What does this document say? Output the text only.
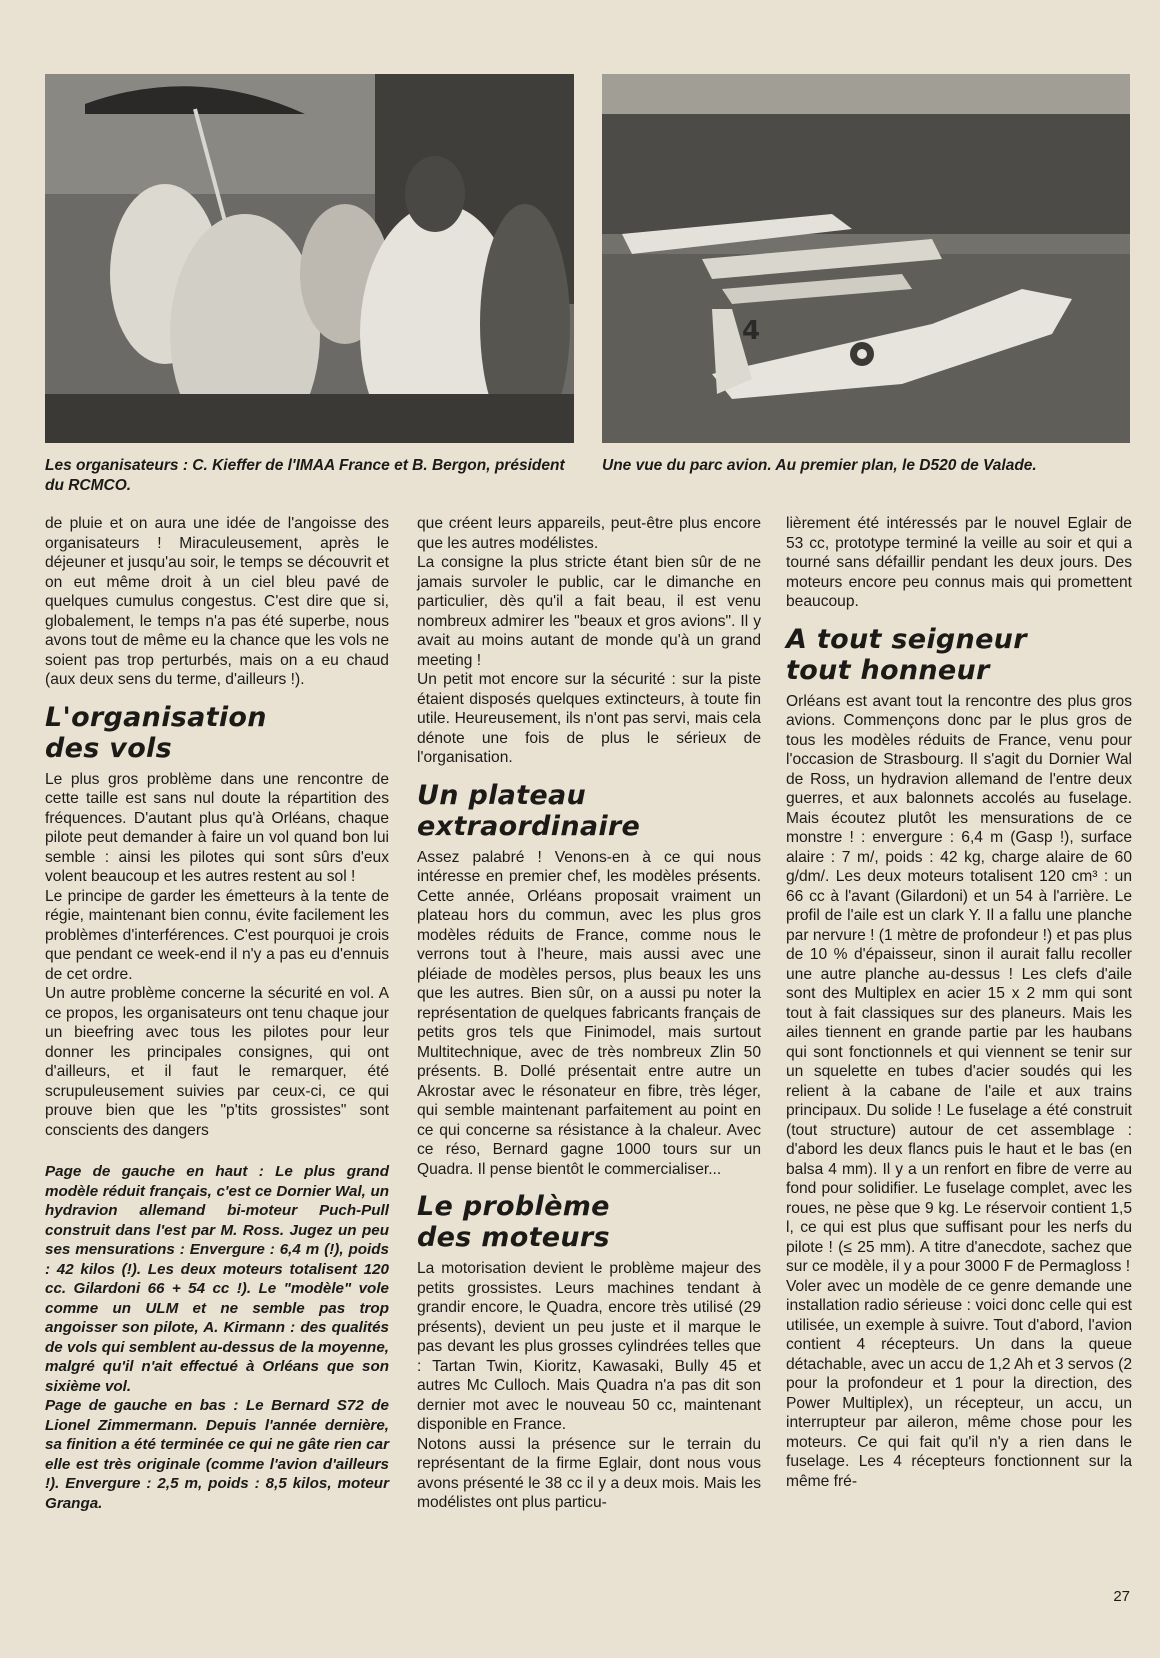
4
Les organisateurs : C. Kieffer de l'IMAA France et B. Bergon, président du RCMCO.
Une vue du parc avion. Au premier plan, le D520 de Valade.

de pluie et on aura une idée de l'angoisse des organisateurs ! Miraculeusement, après le déjeuner et jusqu'au soir, le temps se découvrit et on eut même droit à un ciel bleu pavé de quelques cumulus congestus. C'est dire que si, globalement, le temps n'a pas été superbe, nous avons tout de même eu la chance que les vols ne soient pas trop perturbés, mais on a eu chaud (aux deux sens du terme, d'ailleurs !).

L'organisation
des vols

Le plus gros problème dans une rencontre de cette taille est sans nul doute la répartition des fréquences. D'autant plus qu'à Orléans, chaque pilote peut demander à faire un vol quand bon lui semble : ainsi les pilotes qui sont sûrs d'eux volent beaucoup et les autres restent au sol !

Le principe de garder les émetteurs à la tente de régie, maintenant bien connu, évite facilement les problèmes d'interférences. C'est pourquoi je crois que pendant ce week-end il n'y a pas eu d'ennuis de cet ordre.

Un autre problème concerne la sécurité en vol. A ce propos, les organisateurs ont tenu chaque jour un bieefring avec tous les pilotes pour leur donner les principales consignes, qui ont d'ailleurs, et il faut le remarquer, été scrupuleusement suivies par ceux-ci, ce qui prouve bien que les "p'tits grossistes" sont conscients des dangers

Page de gauche en haut : Le plus grand modèle réduit français, c'est ce Dornier Wal, un hydravion allemand bi-moteur Puch-Pull construit dans l'est par M. Ross. Jugez un peu ses mensurations : Envergure : 6,4 m (!), poids : 42 kilos (!). Les deux moteurs totalisent 120 cc. Gilardoni 66 + 54 cc !). Le "modèle" vole comme un ULM et ne semble pas trop angoisser son pilote, A. Kirmann : des qualités de vols qui semblent au-dessus de la moyenne, malgré qu'il n'ait effectué à Orléans que son sixième vol.

Page de gauche en bas : Le Bernard S72 de Lionel Zimmermann. Depuis l'année dernière, sa finition a été terminée ce qui ne gâte rien car elle est très originale (comme l'avion d'ailleurs !). Envergure : 2,5 m, poids : 8,5 kilos, moteur Granga.

que créent leurs appareils, peut-être plus encore que les autres modélistes.

La consigne la plus stricte étant bien sûr de ne jamais survoler le public, car le dimanche en particulier, dès qu'il a fait beau, il est venu nombreux admirer les "beaux et gros avions". Il y avait au moins autant de monde qu'à un grand meeting !

Un petit mot encore sur la sécurité : sur la piste étaient disposés quelques extincteurs, à toute fin utile. Heureusement, ils n'ont pas servi, mais cela dénote une fois de plus le sérieux de l'organisation.

Un plateau
extraordinaire

Assez palabré ! Venons-en à ce qui nous intéresse en premier chef, les modèles présents. Cette année, Orléans proposait vraiment un plateau hors du commun, avec les plus gros modèles réduits de France, comme nous le verrons tout à l'heure, mais aussi avec une pléiade de modèles persos, plus beaux les uns que les autres. Bien sûr, on a aussi pu noter la représentation de quelques fabricants français de petits gros tels que Finimodel, mais surtout Multitechnique, avec de très nombreux Zlin 50 présents. B. Dollé présentait entre autre un Akrostar avec le résonateur en fibre, très léger, qui semble maintenant parfaitement au point en ce qui concerne sa résistance à la chaleur. Avec ce réso, Bernard gagne 1000 tours sur un Quadra. Il pense bientôt le commercialiser...

Le problème
des moteurs

La motorisation devient le problème majeur des petits grossistes. Leurs machines tendant à grandir encore, le Quadra, encore très utilisé (29 présents), devient un peu juste et il marque le pas devant les plus grosses cylindrées telles que : Tartan Twin, Kioritz, Kawasaki, Bully 45 et autres Mc Culloch. Mais Quadra n'a pas dit son dernier mot avec le nouveau 50 cc, maintenant disponible en France.

Notons aussi la présence sur le terrain du représentant de la firme Eglair, dont nous vous avons présenté le 38 cc il y a deux mois. Mais les modélistes ont plus particu-

lièrement été intéressés par le nouvel Eglair de 53 cc, prototype terminé la veille au soir et qui a tourné sans défaillir pendant les deux jours. Des moteurs encore peu connus mais qui promettent beaucoup.

A tout seigneur
tout honneur

Orléans est avant tout la rencontre des plus gros avions. Commençons donc par le plus gros de tous les modèles réduits de France, venu pour l'occasion de Strasbourg. Il s'agit du Dornier Wal de Ross, un hydravion allemand de l'entre deux guerres, et aux balonnets accolés au fuselage. Mais écoutez plutôt les mensurations de ce monstre ! : envergure : 6,4 m (Gasp !), surface alaire : 7 m/, poids : 42 kg, charge alaire de 60 g/dm/. Les deux moteurs totalisent 120 cm³ : un 66 cc à l'avant (Gilardoni) et un 54 à l'arrière. Le profil de l'aile est un clark Y. Il a fallu une planche par nervure ! (1 mètre de profondeur !) et pas plus de 10 % d'épaisseur, sinon il aurait fallu recoller une autre planche au-dessus ! Les clefs d'aile sont des Multiplex en acier 15 x 2 mm qui sont tout à fait classiques sur des planeurs. Mais les ailes tiennent en grande partie par les haubans qui sont fonctionnels et qui viennent se tenir sur un squelette en tubes d'acier soudés qui les relient à la cabane de l'aile et aux trains principaux. Du solide ! Le fuselage a été construit (tout structure) autour de cet assemblage : d'abord les deux flancs puis le haut et le bas (en balsa 4 mm). Il y a un renfort en fibre de verre au fond pour solidifier. Le fuselage complet, avec les roues, ne pèse que 9 kg. Le réservoir contient 1,5 l, ce qui est plus que suffisant pour les nerfs du pilote ! (≤ 25 mm). A titre d'anecdote, sachez que sur ce modèle, il y a pour 3000 F de Permagloss !

Voler avec un modèle de ce genre demande une installation radio sérieuse : voici donc celle qui est utilisée, un exemple à suivre. Tout d'abord, l'avion contient 4 récepteurs. Un dans la queue détachable, avec un accu de 1,2 Ah et 3 servos (2 pour la profondeur et 1 pour la direction, des Power Multiplex), un récepteur, un accu, un interrupteur par aileron, même chose pour les moteurs. Ce qui fait qu'il n'y a rien dans le fuselage. Les 4 récepteurs fonctionnent sur la même fré-

27
